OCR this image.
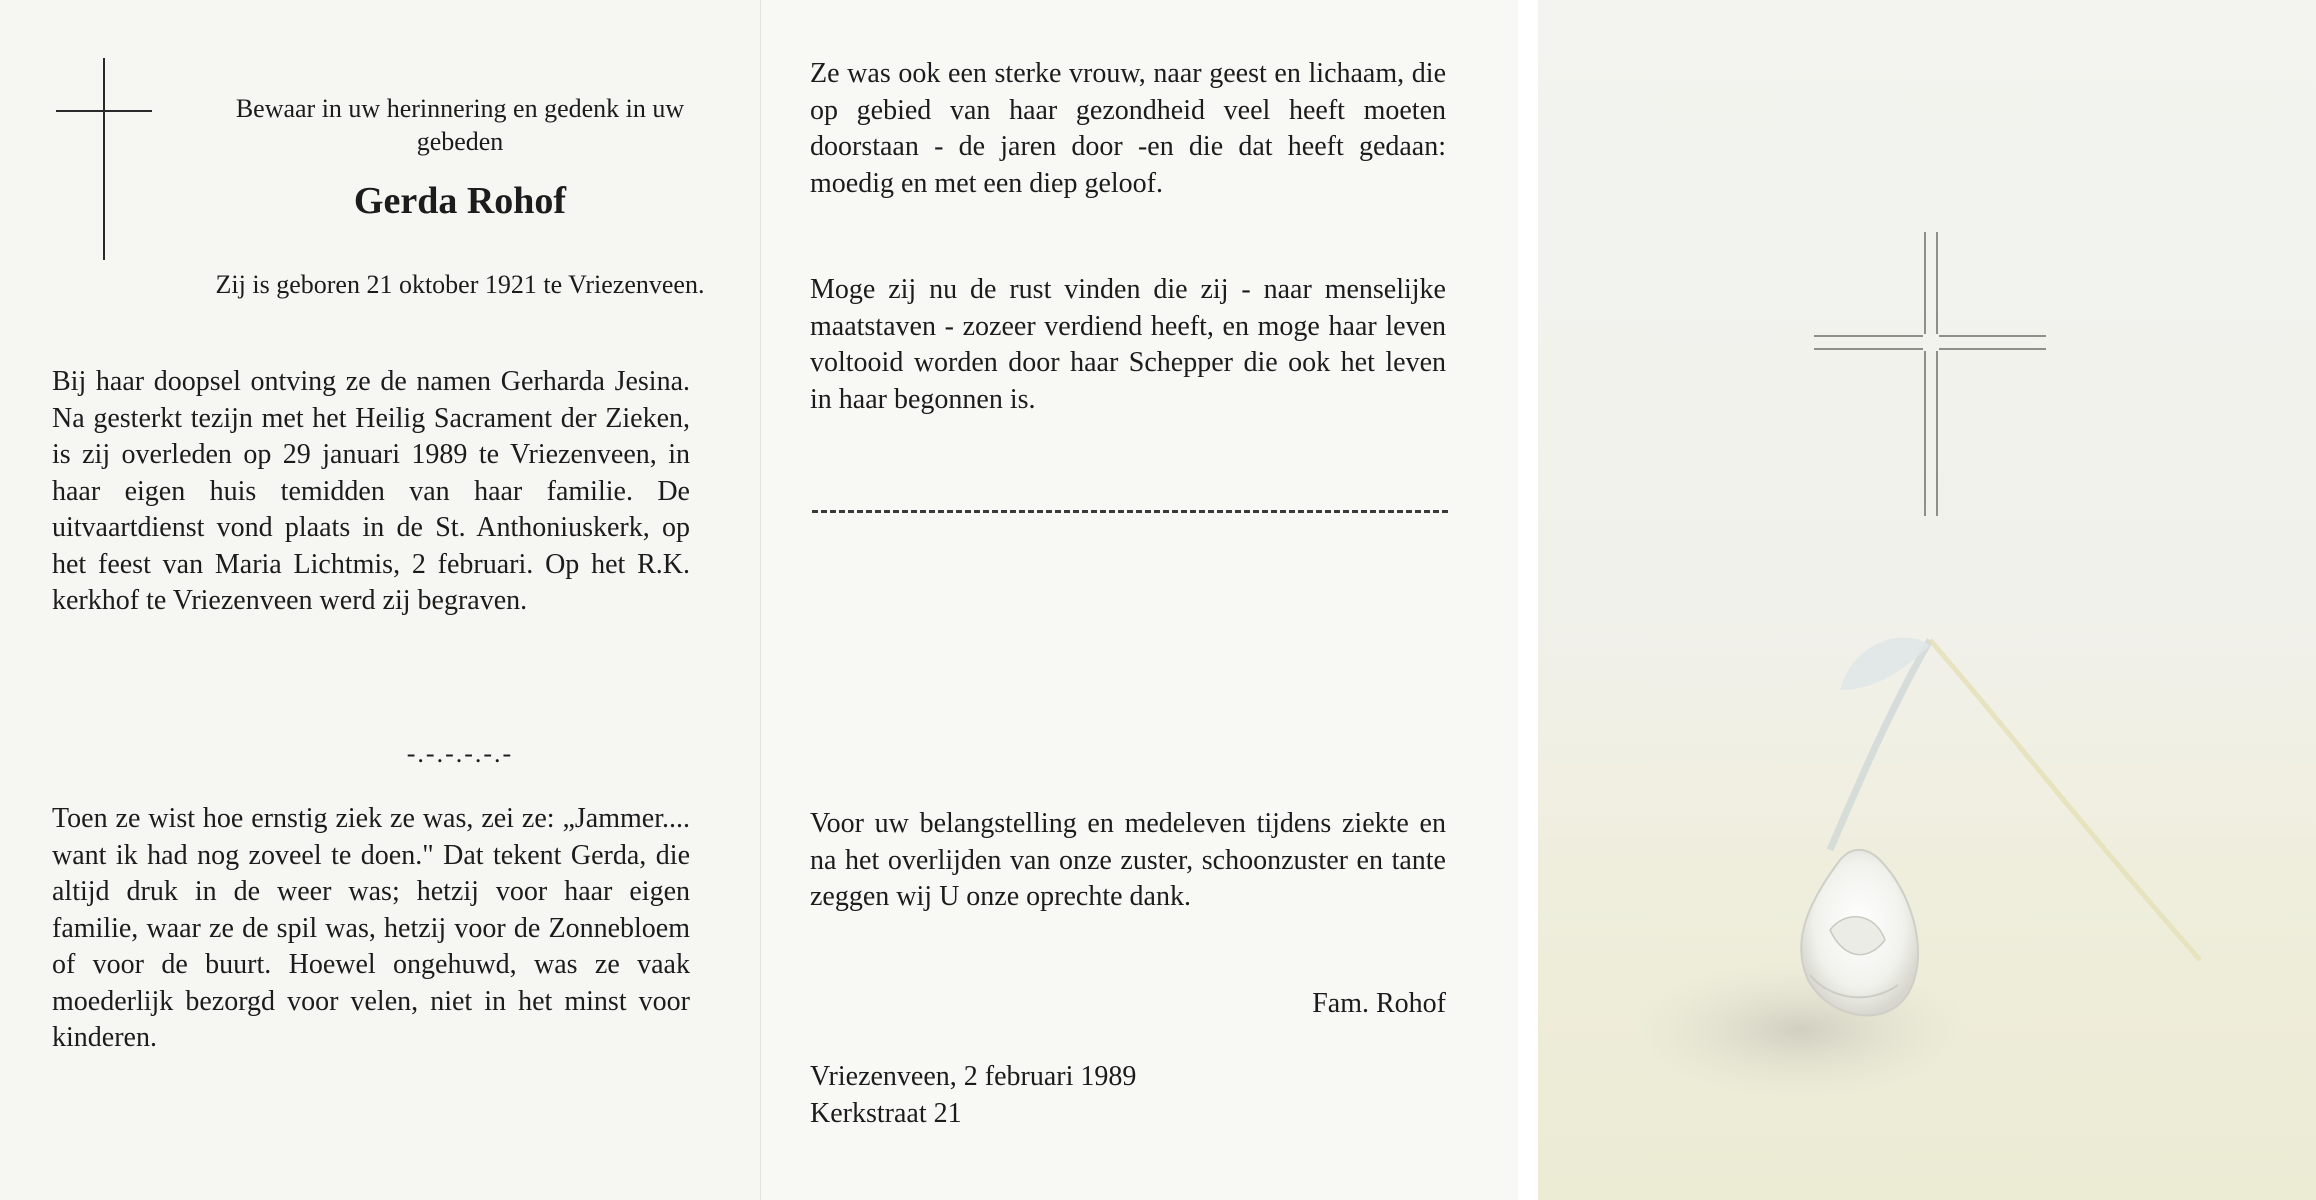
Bewaar in uw herinnering en gedenk in uw gebeden
Gerda Rohof
Zij is geboren 21 oktober 1921 te Vriezenveen.
Bij haar doopsel ontving ze de namen Gerharda Jesina. Na gesterkt tezijn met het Heilig Sacrament der Zieken, is zij overleden op 29 januari 1989 te Vriezenveen, in haar eigen huis temidden van haar familie. De uitvaartdienst vond plaats in de St. Anthoniuskerk, op het feest van Maria Lichtmis, 2 februari. Op het R.K. kerkhof te Vriezenveen werd zij begraven.
-.-.-.-.-.-
Toen ze wist hoe ernstig ziek ze was, zei ze: „Jammer.... want ik had nog zoveel te doen." Dat tekent Gerda, die altijd druk in de weer was; hetzij voor haar eigen familie, waar ze de spil was, hetzij voor de Zonnebloem of voor de buurt. Hoewel ongehuwd, was ze vaak moederlijk bezorgd voor velen, niet in het minst voor kinderen.
Ze was ook een sterke vrouw, naar geest en lichaam, die op gebied van haar gezondheid veel heeft moeten doorstaan - de jaren door -en die dat heeft gedaan: moedig en met een diep geloof.
Moge zij nu de rust vinden die zij - naar menselijke maatstaven - zozeer verdiend heeft, en moge haar leven voltooid worden door haar Schepper die ook het leven in haar begonnen is.
Voor uw belangstelling en medeleven tijdens ziekte en na het overlijden van onze zuster, schoonzuster en tante zeggen wij U onze oprechte dank.
Fam. Rohof
Vriezenveen, 2 februari 1989
Kerkstraat 21
